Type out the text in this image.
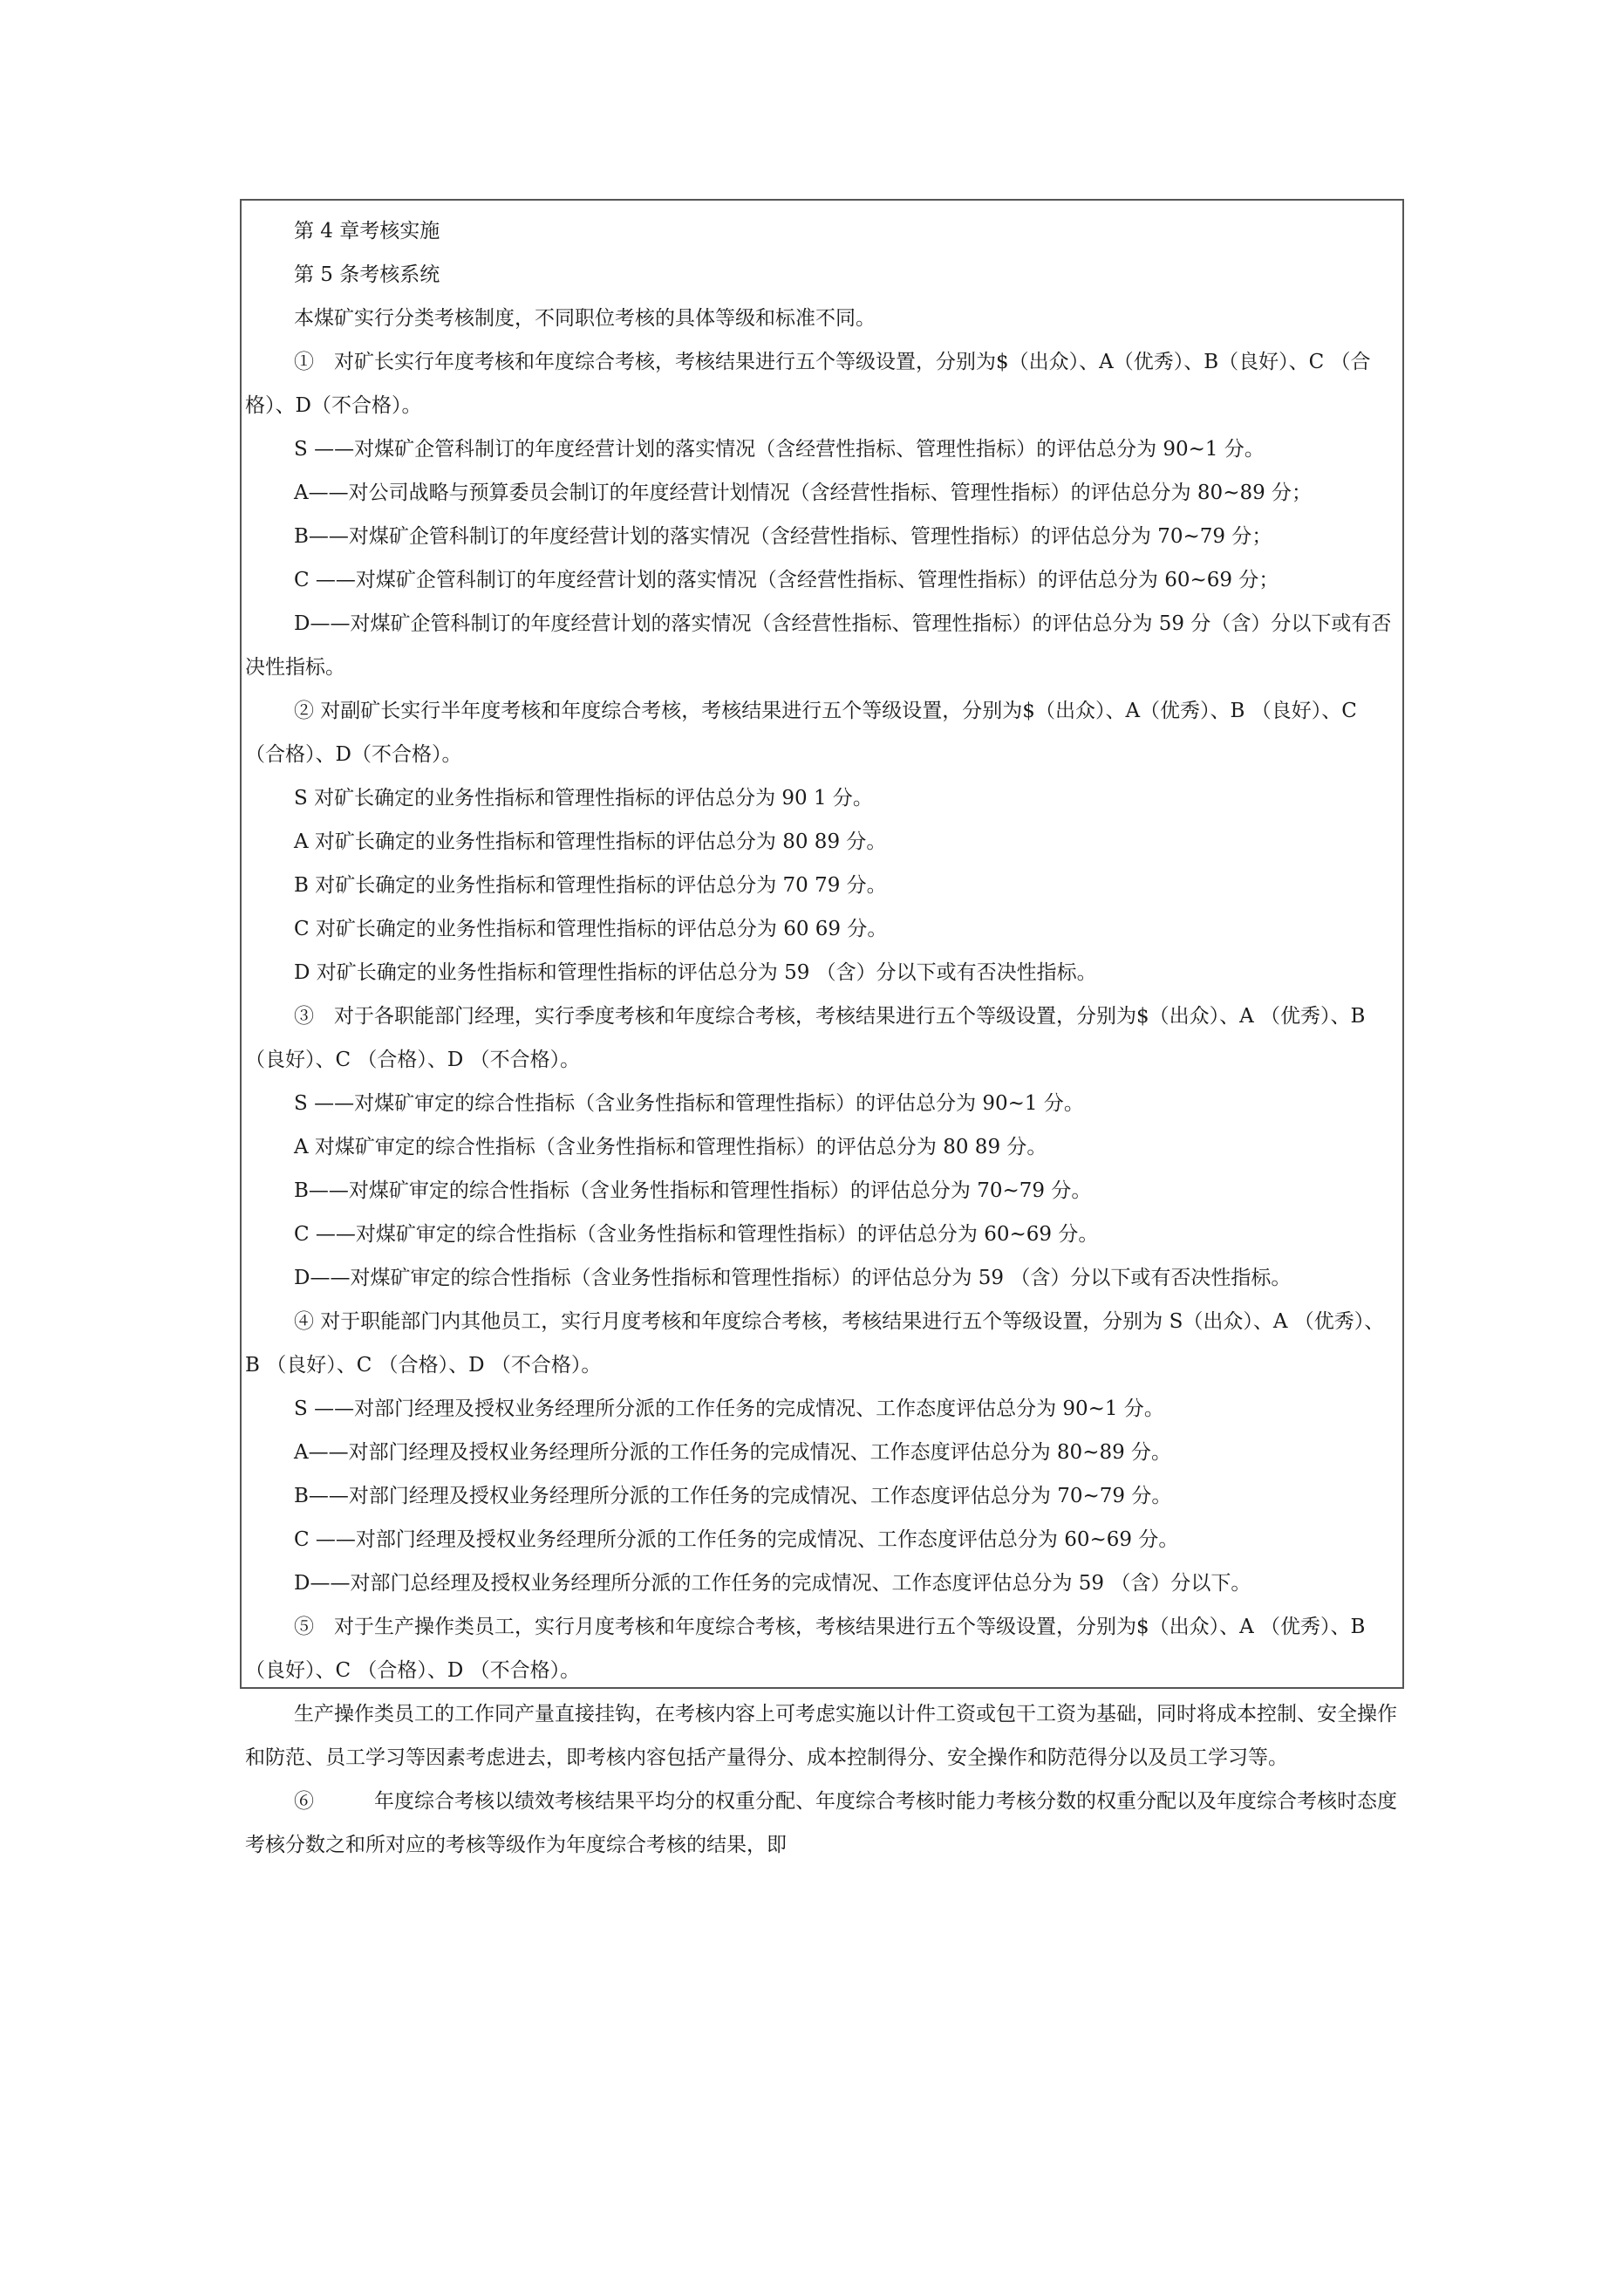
第 4 章考核实施

第 5 条考核系统

本煤矿实行分类考核制度，不同职位考核的具体等级和标准不同。

①　对矿长实行年度考核和年度综合考核，考核结果进行五个等级设置，分别为$（出众）、A（优秀）、B（良好）、C （合格）、D（不合格）。

S ——对煤矿企管科制订的年度经营计划的落实情况（含经营性指标、管理性指标）的评估总分为 90~1 分。

A——对公司战略与预算委员会制订的年度经营计划情况（含经营性指标、管理性指标）的评估总分为 80~89 分；

B——对煤矿企管科制订的年度经营计划的落实情况（含经营性指标、管理性指标）的评估总分为 70~79 分；

C ——对煤矿企管科制订的年度经营计划的落实情况（含经营性指标、管理性指标）的评估总分为 60~69 分；

D——对煤矿企管科制订的年度经营计划的落实情况（含经营性指标、管理性指标）的评估总分为 59 分（含）分以下或有否决性指标。

② 对副矿长实行半年度考核和年度综合考核，考核结果进行五个等级设置，分别为$（出众）、A（优秀）、B （良好）、C （合格）、D（不合格）。

S 对矿长确定的业务性指标和管理性指标的评估总分为 90 1 分。

A 对矿长确定的业务性指标和管理性指标的评估总分为 80 89 分。

B 对矿长确定的业务性指标和管理性指标的评估总分为 70 79 分。

C 对矿长确定的业务性指标和管理性指标的评估总分为 60 69 分。

D 对矿长确定的业务性指标和管理性指标的评估总分为 59 （含）分以下或有否决性指标。

③　对于各职能部门经理，实行季度考核和年度综合考核，考核结果进行五个等级设置，分别为$（出众）、A （优秀）、B （良好）、C （合格）、D （不合格）。

S ——对煤矿审定的综合性指标（含业务性指标和管理性指标）的评估总分为 90~1 分。

A 对煤矿审定的综合性指标（含业务性指标和管理性指标）的评估总分为 80 89 分。

B——对煤矿审定的综合性指标（含业务性指标和管理性指标）的评估总分为 70~79 分。

C ——对煤矿审定的综合性指标（含业务性指标和管理性指标）的评估总分为 60~69 分。

D——对煤矿审定的综合性指标（含业务性指标和管理性指标）的评估总分为 59 （含）分以下或有否决性指标。

④ 对于职能部门内其他员工，实行月度考核和年度综合考核，考核结果进行五个等级设置，分别为 S（出众）、A （优秀）、B （良好）、C （合格）、D （不合格）。

S ——对部门经理及授权业务经理所分派的工作任务的完成情况、工作态度评估总分为 90~1 分。

A——对部门经理及授权业务经理所分派的工作任务的完成情况、工作态度评估总分为 80~89 分。

B——对部门经理及授权业务经理所分派的工作任务的完成情况、工作态度评估总分为 70~79 分。

C ——对部门经理及授权业务经理所分派的工作任务的完成情况、工作态度评估总分为 60~69 分。

D——对部门总经理及授权业务经理所分派的工作任务的完成情况、工作态度评估总分为 59 （含）分以下。

⑤　对于生产操作类员工，实行月度考核和年度综合考核，考核结果进行五个等级设置，分别为$（出众）、A （优秀）、B （良好）、C （合格）、D （不合格）。

生产操作类员工的工作同产量直接挂钩，在考核内容上可考虑实施以计件工资或包干工资为基础，同时将成本控制、安全操作和防范、员工学习等因素考虑进去，即考核内容包括产量得分、成本控制得分、安全操作和防范得分以及员工学习等。

⑥　　　年度综合考核以绩效考核结果平均分的权重分配、年度综合考核时能力考核分数的权重分配以及年度综合考核时态度考核分数之和所对应的考核等级作为年度综合考核的结果，即
